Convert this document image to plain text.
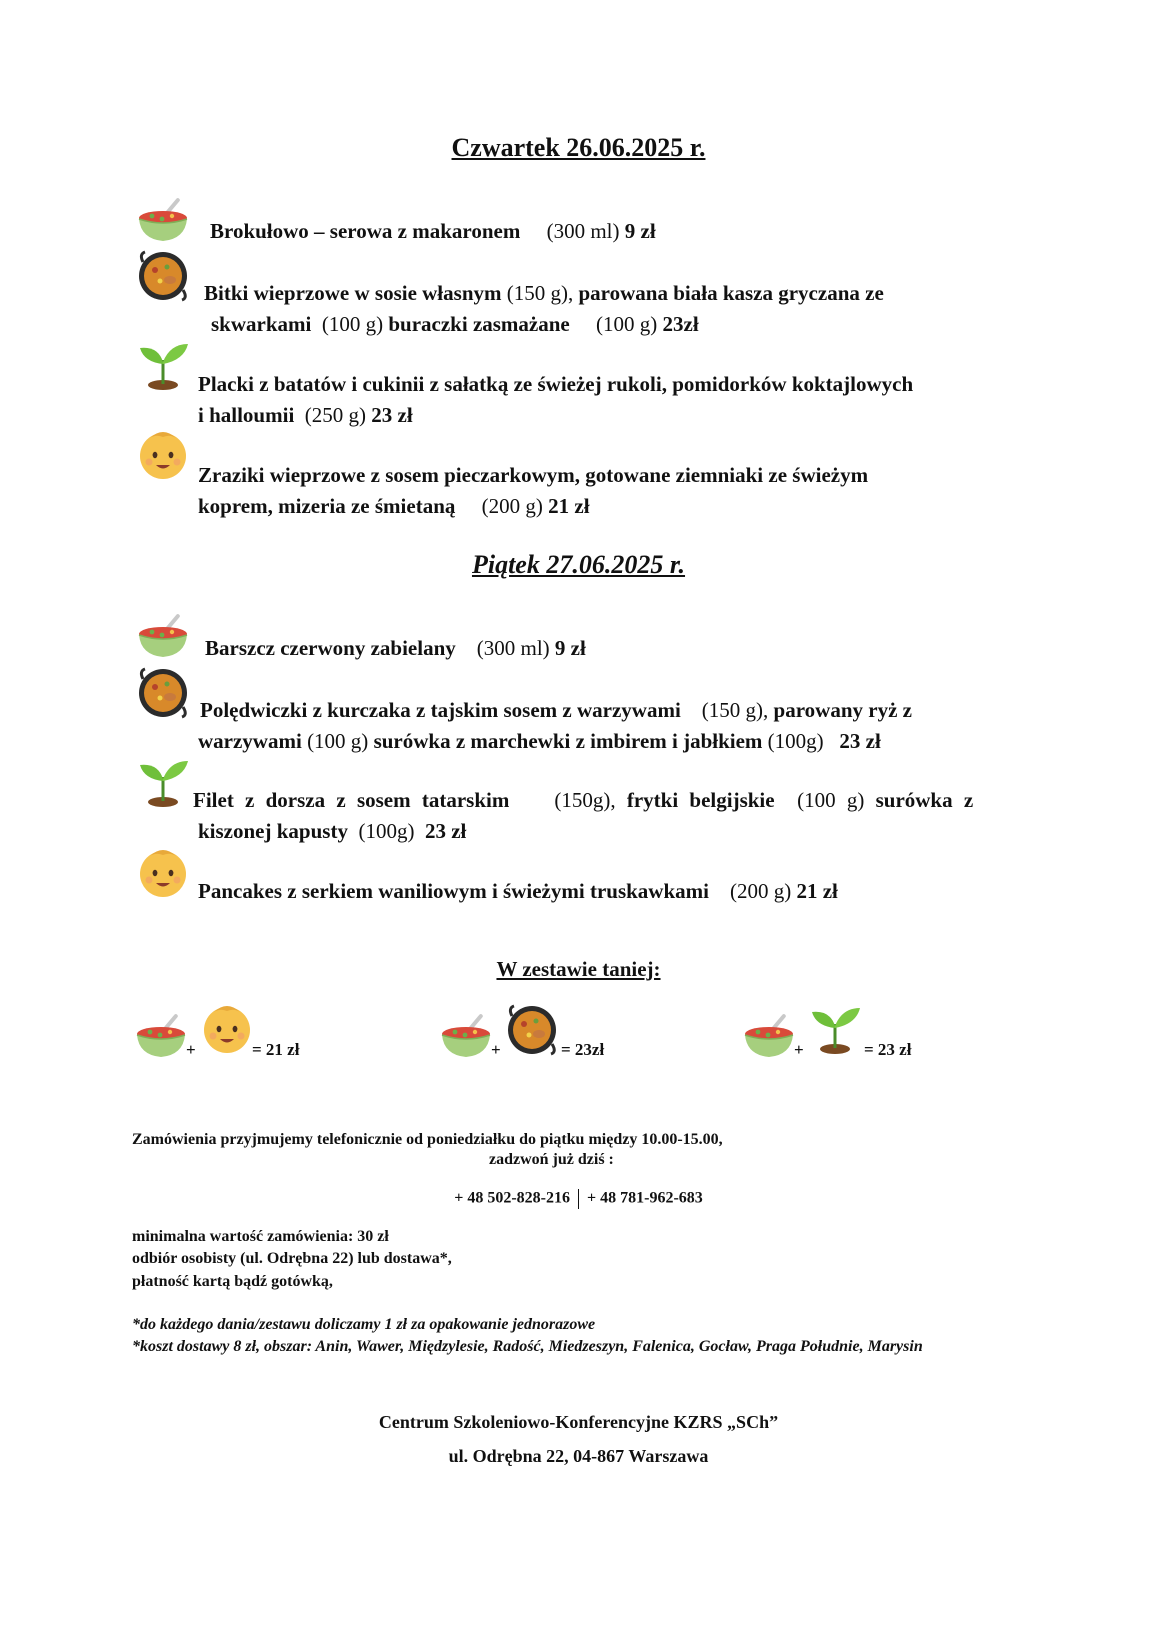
Czwartek 26.06.2025 r.
Brokułowo – serowa z makaronem (300 ml) 9 zł
Bitki wieprzowe w sosie własnym (150 g), parowana biała kasza gryczana ze
skwarkami (100 g) buraczki zasmażane (100 g) 23zł
Placki z batatów i cukinii z sałatką ze świeżej rukoli, pomidorków koktajlowych
i halloumii (250 g) 23 zł
Zraziki wieprzowe z sosem pieczarkowym, gotowane ziemniaki ze świeżym
koprem, mizeria ze śmietaną (200 g) 21 zł
Piątek 27.06.2025 r.
Barszcz czerwony zabielany (300 ml) 9 zł
Polędwiczki z kurczaka z tajskim sosem z warzywami (150 g), parowany ryż z
warzywami (100 g) surówka z marchewki z imbirem i jabłkiem (100g) 23 zł
Filet z dorsza z sosem tatarskim (150g), frytki belgijskie (100 g) surówka z
kiszonej kapusty (100g) 23 zł
Pancakes z serkiem waniliowym i świeżymi truskawkami (200 g) 21 zł
W zestawie taniej:
+	= 21 zł	+	= 23zł	+	= 23 zł
Zamówienia przyjmujemy telefonicznie od poniedziałku do piątku między 10.00-15.00,
zadzwoń już dziś :
+ 48 502-828-216 + 48 781-962-683
minimalna wartość zamówienia: 30 zł
odbiór osobisty (ul. Odrębna 22) lub dostawa*,
płatność kartą bądź gotówką,
*do każdego dania/zestawu doliczamy 1 zł za opakowanie jednorazowe
*koszt dostawy 8 zł, obszar: Anin, Wawer, Międzylesie, Radość, Miedzeszyn, Falenica, Gocław, Praga Południe, Marysin
Centrum Szkoleniowo-Konferencyjne KZRS „SCh”
ul. Odrębna 22, 04-867 Warszawa
